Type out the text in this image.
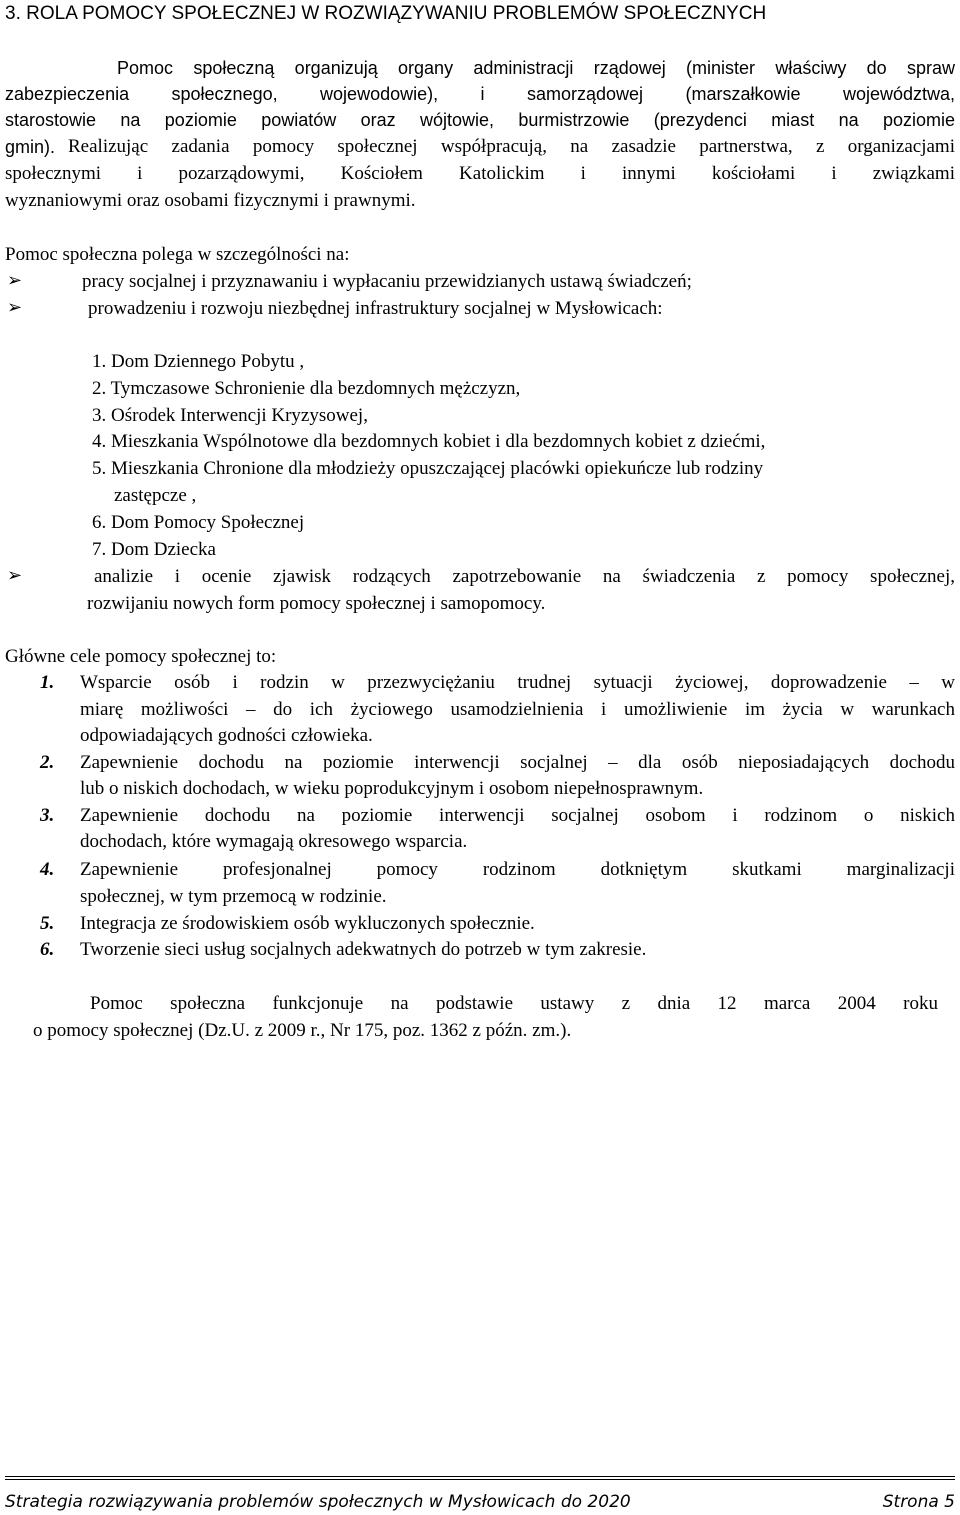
3. ROLA POMOCY SPOŁECZNEJ W ROZWIĄZYWANIU PROBLEMÓW SPOŁECZNYCH
Pomoc społeczną organizują organy administracji rządowej (minister właściwy do spraw
zabezpieczenia społecznego, wojewodowie), i samorządowej (marszałkowie województwa,
starostowie na poziomie powiatów oraz wójtowie, burmistrzowie (prezydenci miast na poziomie
gmin). Realizując zadania pomocy społecznej współpracują, na zasadzie partnerstwa, z organizacjami
społecznymi i pozarządowymi, Kościołem Katolickim i innymi kościołami i związkami
wyznaniowymi oraz osobami fizycznymi i prawnymi.
Pomoc społeczna polega w szczególności na:
➢	pracy socjalnej i przyznawaniu i wypłacaniu przewidzianych ustawą świadczeń;
➢	prowadzeniu i rozwoju niezbędnej infrastruktury socjalnej w Mysłowicach:
1. Dom Dziennego Pobytu ,
2. Tymczasowe Schronienie dla bezdomnych mężczyzn,
3. Ośrodek Interwencji Kryzysowej,
4. Mieszkania Wspólnotowe dla bezdomnych kobiet i dla bezdomnych kobiet z dziećmi,
5. Mieszkania Chronione dla młodzieży opuszczającej placówki opiekuńcze lub rodziny
zastępcze ,
6. Dom Pomocy Społecznej
7. Dom Dziecka
➢	analizie i ocenie zjawisk rodzących zapotrzebowanie na świadczenia z pomocy społecznej,
rozwijaniu nowych form pomocy społecznej i samopomocy.
Główne cele pomocy społecznej to:
1. Wsparcie osób i rodzin w przezwyciężaniu trudnej sytuacji życiowej, doprowadzenie – w
miarę możliwości – do ich życiowego usamodzielnienia i umożliwienie im życia w warunkach
odpowiadających godności człowieka.
2. Zapewnienie dochodu na poziomie interwencji socjalnej – dla osób nieposiadających dochodu
lub o niskich dochodach, w wieku poprodukcyjnym i osobom niepełnosprawnym.
3. Zapewnienie dochodu na poziomie interwencji socjalnej osobom i rodzinom o niskich
dochodach, które wymagają okresowego wsparcia.
4. Zapewnienie profesjonalnej pomocy rodzinom dotkniętym skutkami marginalizacji
społecznej, w tym przemocą w rodzinie.
5. Integracja ze środowiskiem osób wykluczonych społecznie.
6. Tworzenie sieci usług socjalnych adekwatnych do potrzeb w tym zakresie.
Pomoc społeczna funkcjonuje na podstawie ustawy z dnia 12 marca 2004 roku
o pomocy społecznej (Dz.U. z 2009 r., Nr 175, poz. 1362 z późn. zm.).
Strategia rozwiązywania problemów społecznych w Mysłowicach do 2020	Strona 5
